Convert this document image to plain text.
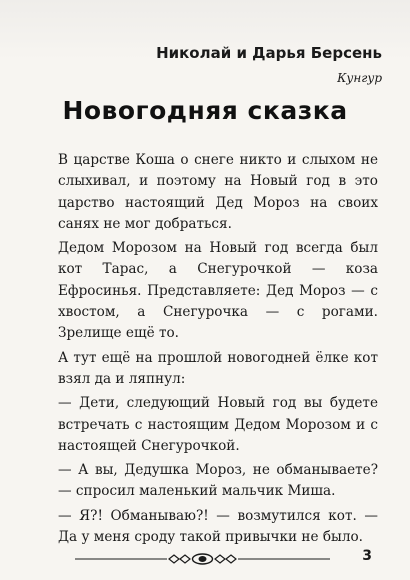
Николай и Дарья Берсень
Кунгур
Новогодняя сказка

В царстве Коша о снеге никто и слыхом не слыхивал, и поэтому на Новый год в это царство настоящий Дед Мороз на своих санях не мог добраться.

Дедом Морозом на Новый год всегда был кот Тарас, а Снегурочкой — коза Ефросинья. Представляете: Дед Мороз — с хвостом, а Снегурочка — с рогами. Зрелище ещё то.

А тут ещё на прошлой новогодней ёлке кот взял да и ляпнул:

— Дети, следующий Новый год вы будете встречать с настоящим Дедом Морозом и с настоящей Снегурочкой.

— А вы, Дедушка Мороз, не обманываете? — спросил маленький мальчик Миша.

— Я?! Обманываю?! — возмутился кот. — Да у меня сроду такой привычки не было.

3
